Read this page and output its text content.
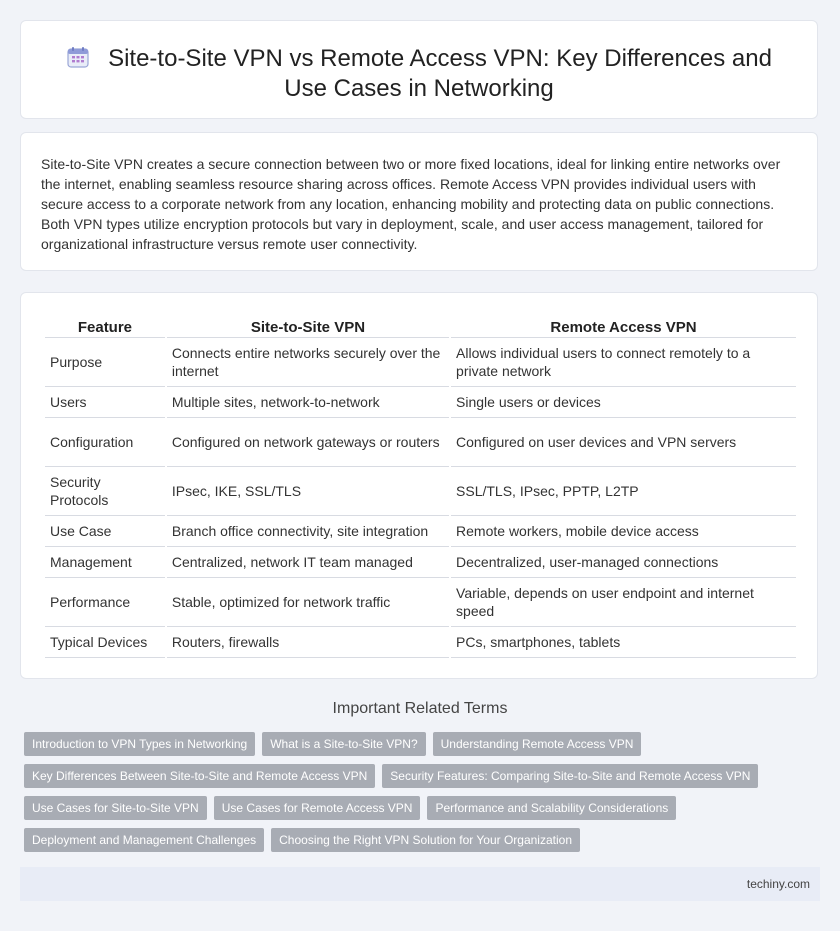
Site-to-Site VPN vs Remote Access VPN: Key Differences and Use Cases in Networking
Site-to-Site VPN creates a secure connection between two or more fixed locations, ideal for linking entire networks over the internet, enabling seamless resource sharing across offices. Remote Access VPN provides individual users with secure access to a corporate network from any location, enhancing mobility and protecting data on public connections. Both VPN types utilize encryption protocols but vary in deployment, scale, and user access management, tailored for organizational infrastructure versus remote user connectivity.
Feature	Site-to-Site VPN	Remote Access VPN
Purpose	Connects entire networks securely over the internet	Allows individual users to connect remotely to a private network
Users	Multiple sites, network-to-network	Single users or devices
Configuration	Configured on network gateways or routers	Configured on user devices and VPN servers
Security Protocols	IPsec, IKE, SSL/TLS	SSL/TLS, IPsec, PPTP, L2TP
Use Case	Branch office connectivity, site integration	Remote workers, mobile device access
Management	Centralized, network IT team managed	Decentralized, user-managed connections
Performance	Stable, optimized for network traffic	Variable, depends on user endpoint and internet speed
Typical Devices	Routers, firewalls	PCs, smartphones, tablets
Important Related Terms
Introduction to VPN Types in Networking	What is a Site-to-Site VPN?	Understanding Remote Access VPN
Key Differences Between Site-to-Site and Remote Access VPN	Security Features: Comparing Site-to-Site and Remote Access VPN
Use Cases for Site-to-Site VPN	Use Cases for Remote Access VPN	Performance and Scalability Considerations
Deployment and Management Challenges	Choosing the Right VPN Solution for Your Organization
techiny.com
